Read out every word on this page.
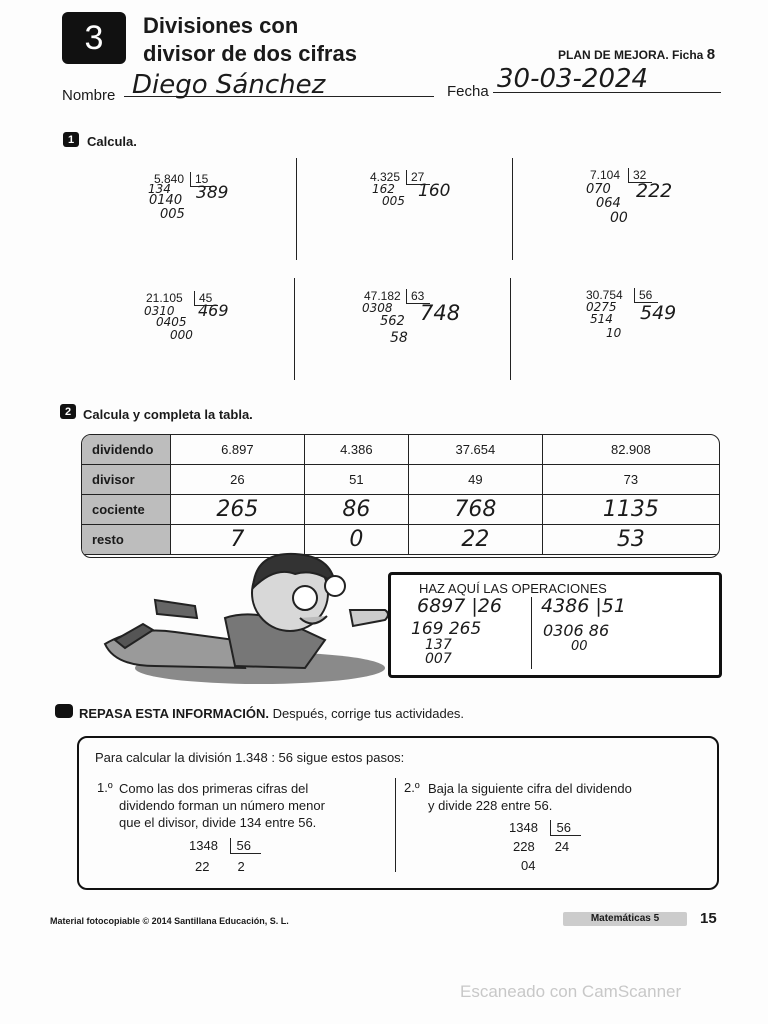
3 Divisiones con
divisor de dos cifras	PLAN DE MEJORA. Ficha 8
Nombre Diego Sánchez	Fecha 30-03-2024
1 Calcula.
5.840 15
134
0140
005
389
4.325 27
162
005 160
7.104	32
070
064
00
222
21.105	45
0310
0405
000
469
47.182 63
0308
562
58
748
30.754	56
0275
514
10
549
2 Calcula y completa la tabla.
dividendo	6.897	4.386	37.654	82.908
divisor	26	51	49	73
cociente	265	86	768	1135
resto	7	0	22	53
HAZ AQUÍ LAS OPERACIONES
6897 |26
169 265
137
007
4386 |51
0306 86
00
REPASA ESTA INFORMACIÓN. Después, corrige tus actividades.
Para calcular la división 1.348 : 56 sigue estos pasos:
1.º Como las dos primeras cifras del
dividendo forman un número menor
que el divisor, divide 134 entre 56.
1348 56
22 2
2.º Baja la siguiente cifra del dividendo
y divide 228 entre 56.
1348 56
228 24
04
Material fotocopiable © 2014 Santillana Educación, S. L.	Matemáticas 5	15
Escaneado con CamScanner
